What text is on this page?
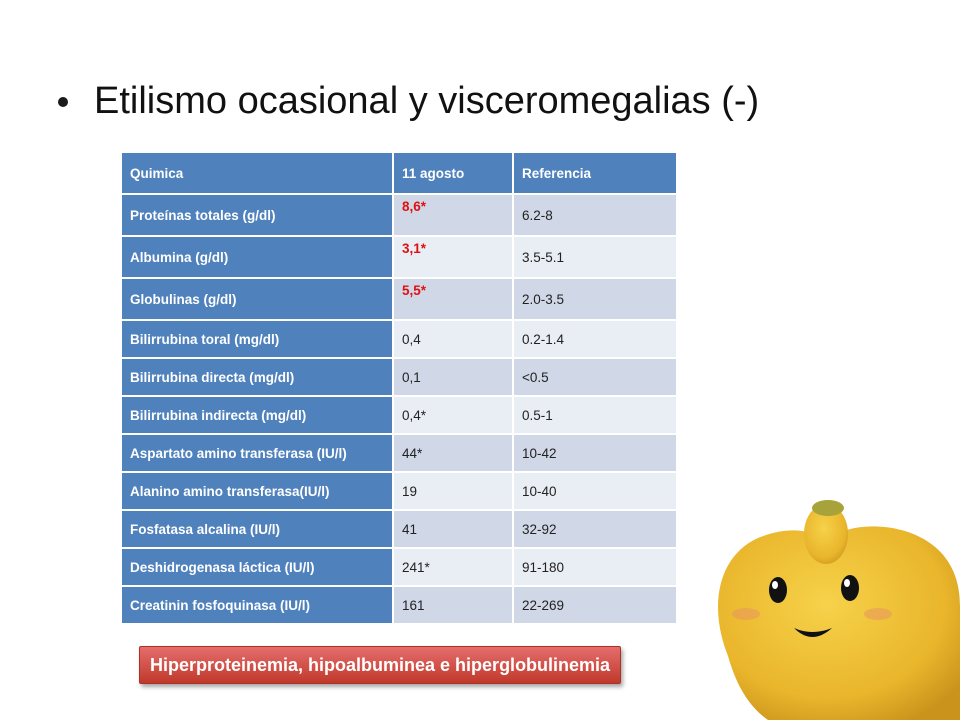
Etilismo ocasional y visceromegalias (-)
Quimica	11 agosto	Referencia
Proteínas totales (g/dl)	8,6*	6.2-8
Albumina (g/dl)	3,1*	3.5-5.1
Globulinas (g/dl)	5,5*	2.0-3.5
Bilirrubina toral (mg/dl)	0,4	0.2-1.4
Bilirrubina directa (mg/dl)	0,1	<0.5
Bilirrubina indirecta (mg/dl)	0,4*	0.5-1
Aspartato amino transferasa (IU/l)	44*	10-42
Alanino amino transferasa(IU/l)	19	10-40
Fosfatasa alcalina (IU/l)	41	32-92
Deshidrogenasa láctica (IU/l)	241*	91-180
Creatinin fosfoquinasa (IU/l)	161	22-269
Hiperproteinemia, hipoalbuminea e hiperglobulinemia
